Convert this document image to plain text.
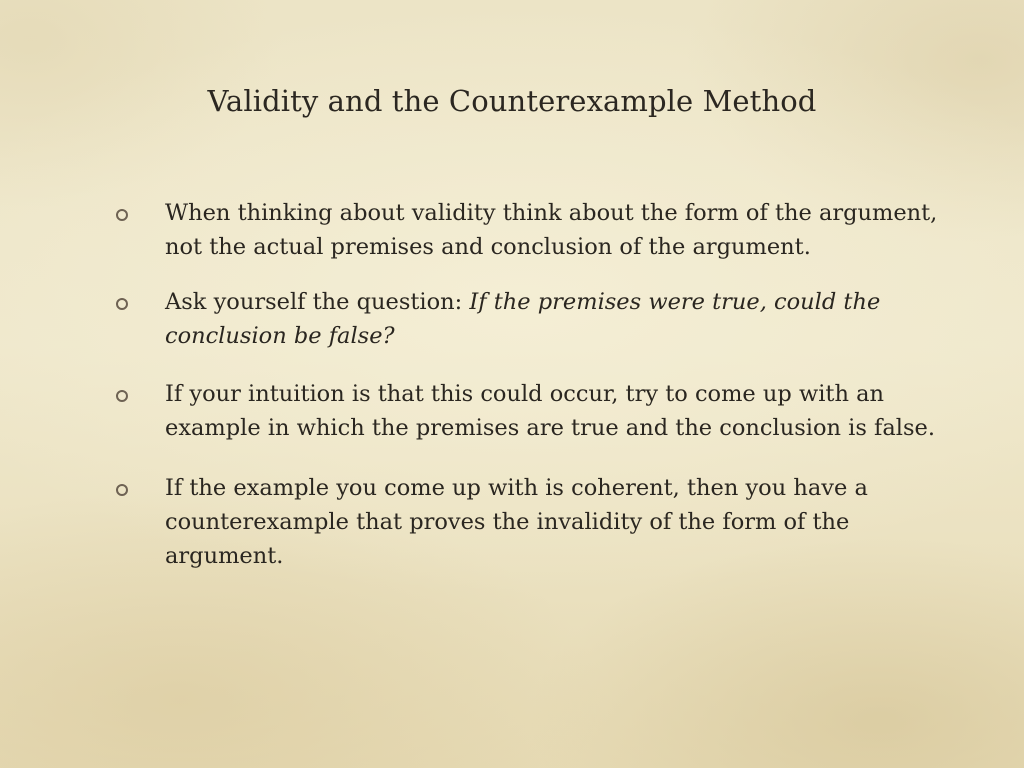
Validity and the Counterexample Method
When thinking about validity think about the form of the argument, not the actual premises and conclusion of the argument.
Ask yourself the question: If the premises were true, could the conclusion be false?
If your intuition is that this could occur, try to come up with an example in which the premises are true and the conclusion is false.
If the example you come up with is coherent, then you have a counterexample that proves the invalidity of the form of the argument.
